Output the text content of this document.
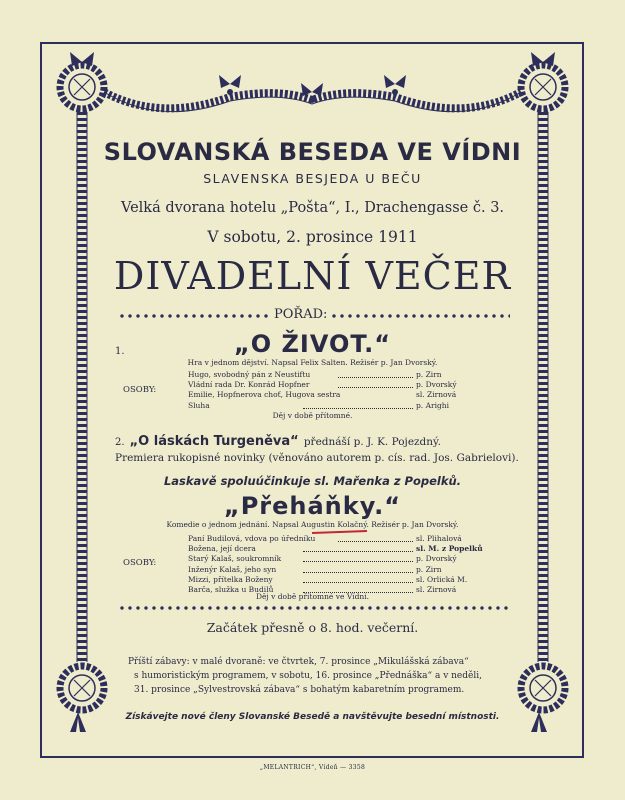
SLOVANSKÁ BESEDA VE VÍDNI
SLAVENSKA BESJEDA U BEČU
Velká dvorana hotelu „Pošta“, I., Drachengasse č. 3.
V sobotu, 2. prosince 1911
DIVADELNÍ VEČER
POŘAD:
1.	„O ŽIVOT.“
Hra v jednom dějství. Napsal Felix Salten. Režisér p. Jan Dvorský.
OSOBY:
Hugo, svobodný pán z Neustiftu	p. Zirn
Vládní rada Dr. Konrád Hopfner	p. Dvorský
Emilie, Hopfnerova choť, Hugova sestra	sl. Zirnová
Sluha	p. Arighi
Děj v době přítomné.
2. „O láskách Turgeněva“ přednáší p. J. K. Pojezdný.
Premiera rukopisné novinky (věnováno autorem p. cís. rad. Jos. Gabrielovi).
Laskavě spoluúčinkuje sl. Mařenka z Popelků.
„Přeháňky.“
Komedie o jednom jednání. Napsal Augustin Kolačný. Režisér p. Jan Dvorský.
OSOBY:
Paní Budilová, vdova po úředníku	sl. Plihalová
Božena, její dcera	sl. M. z Popelků
Starý Kalaš, soukromník	p. Dvorský
Inženýr Kalaš, jeho syn	p. Zirn
Mizzi, přítelka Boženy	sl. Orlická M.
Barča, služka u Budilů	sl. Zirnová
Děj v době přítomné ve Vídni.
Začátek přesně o 8. hod. večerní.
Příští zábavy: v malé dvoraně: ve čtvrtek, 7. prosince „Mikulášská zábava“
s humoristickým programem, v sobotu, 16. prosince „Přednáška“ a v neděli,
31. prosince „Sylvestrovská zábava“ s bohatým kabaretním programem.
Získávejte nové členy Slovanské Besedě a navštěvujte besední místnosti.
„MELANTRICH“, Vídeň — 3358
